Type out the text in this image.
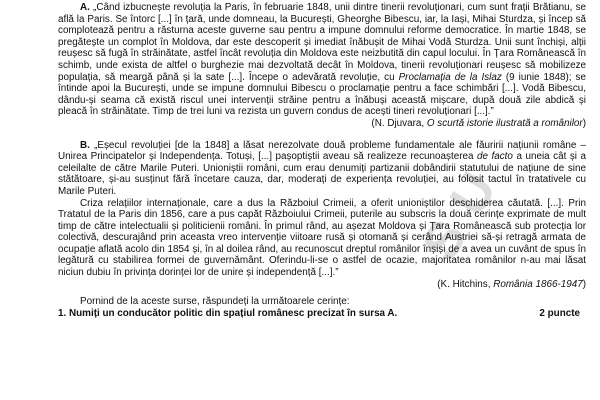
S U

A. „Când izbucnește revoluția la Paris, în februarie 1848, unii dintre tinerii revoluționari, cum sunt frații Brătianu, se află la Paris. Se întorc [...] în țară, unde domneau, la București, Gheorghe Bibescu, iar, la Iași, Mihai Sturdza, și încep să complotează pentru a răsturna aceste guverne sau pentru a impune domnului reforme democratice. În martie 1848, se pregătește un complot în Moldova, dar este descoperit și imediat înăbușit de Mihai Vodă Sturdza. Unii sunt închiși, alții reușesc să fugă în străinătate, astfel încât revoluția din Moldova este neizbutită din capul locului. În Țara Românească în schimb, unde exista de altfel o burghezie mai dezvoltată decât în Moldova, tinerii revoluționari reușesc să mobilizeze populația, să meargă până și la sate [...]. Începe o adevărată revoluție, cu Proclamația de la Islaz (9 iunie 1848); se întinde apoi la București, unde se impune domnului Bibescu o proclamație pentru a face schimbări [...]. Vodă Bibescu, dându-și seama că există riscul unei intervenții străine pentru a înăbuși această mișcare, după două zile abdică și pleacă în străinătate. Timp de trei luni va rezista un guvern condus de acești tineri revoluționari [...].”

(N. Djuvara, O scurtă istorie ilustrată a românilor)

B. „Eșecul revoluției [de la 1848] a lăsat nerezolvate două probleme fundamentale ale făuririi națiunii române – Unirea Principatelor și Independența. Totuși, [...] pașoptiștii aveau să realizeze recunoașterea de facto a uneia cât și a celeilalte de către Marile Puteri. Unioniștii români, cum erau denumiți partizanii dobândirii statutului de națiune de sine stătătoare, și-au susținut fără încetare cauza, dar, moderați de experiența revoluției, au folosit tactul în tratativele cu Marile Puteri.

Criza relațiilor internaționale, care a dus la Războiul Crimeii, a oferit unioniștilor deschiderea căutată. [...]. Prin Tratatul de la Paris din 1856, care a pus capăt Războiului Crimeii, puterile au subscris la două cerințe exprimate de mult timp de către intelectualii și politicienii români. În primul rând, au așezat Moldova și Țara Românească sub protecția lor colectivă, descurajând prin aceasta vreo intervenție viitoare rusă și otomană și cerând Austriei să-și retragă armata de ocupație aflată acolo din 1854 și, în al doilea rând, au recunoscut dreptul românilor înșiși de a avea un cuvânt de spus în legătură cu stabilirea formei de guvernământ. Oferindu-li-se o astfel de ocazie, majoritatea românilor n-au mai lăsat niciun dubiu în privința dorinței lor de unire și independență [...].”

(K. Hitchins, România 1866-1947)

Pornind de la aceste surse, răspundeți la următoarele cerințe:

1. Numiți un conducător politic din spațiul românesc precizat în sursa A.	2 puncte
